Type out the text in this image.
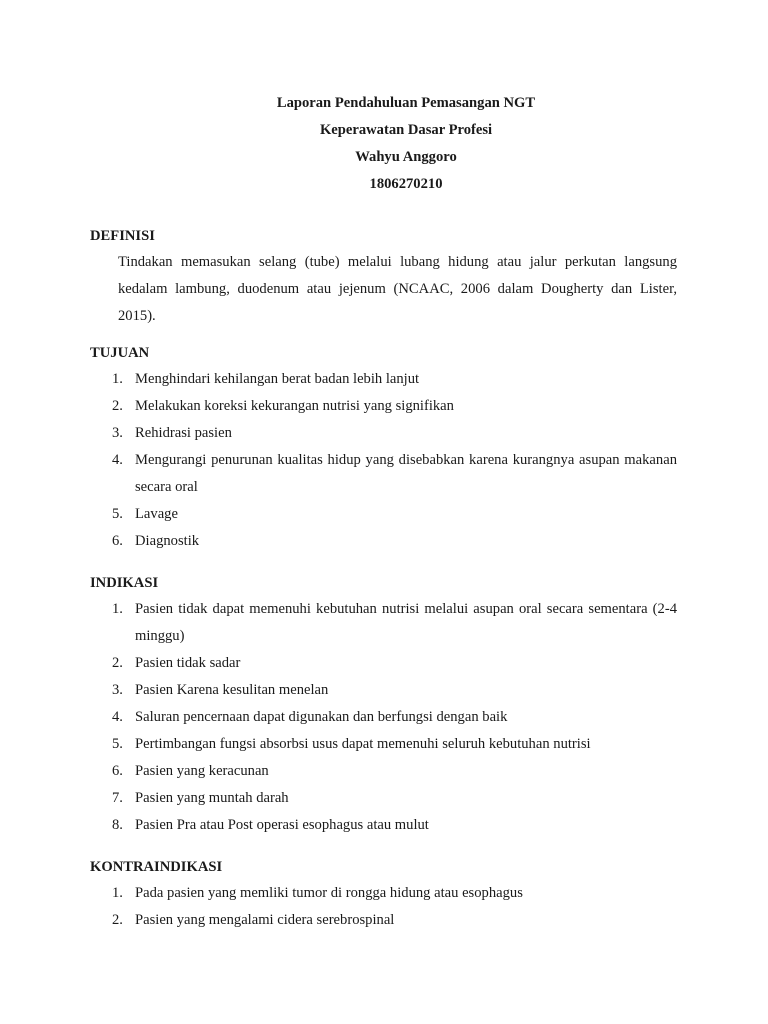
Laporan Pendahuluan Pemasangan NGT
Keperawatan Dasar Profesi
Wahyu Anggoro
1806270210
DEFINISI
Tindakan memasukan selang (tube) melalui lubang hidung atau jalur perkutan langsung kedalam lambung, duodenum atau jejenum (NCAAC, 2006 dalam Dougherty dan Lister, 2015).
TUJUAN
1. Menghindari kehilangan berat badan lebih lanjut
2. Melakukan koreksi kekurangan nutrisi yang signifikan
3. Rehidrasi pasien
4. Mengurangi penurunan kualitas hidup yang disebabkan karena kurangnya asupan makanan secara oral
5. Lavage
6. Diagnostik
INDIKASI
1. Pasien tidak dapat memenuhi kebutuhan nutrisi melalui asupan oral secara sementara (2-4 minggu)
2. Pasien tidak sadar
3. Pasien Karena kesulitan menelan
4. Saluran pencernaan dapat digunakan dan berfungsi dengan baik
5. Pertimbangan fungsi absorbsi usus dapat memenuhi seluruh kebutuhan nutrisi
6. Pasien yang keracunan
7. Pasien yang muntah darah
8. Pasien Pra atau Post operasi esophagus atau mulut
KONTRAINDIKASI
1. Pada pasien yang memliki tumor di rongga hidung atau esophagus
2. Pasien yang mengalami cidera serebrospinal
